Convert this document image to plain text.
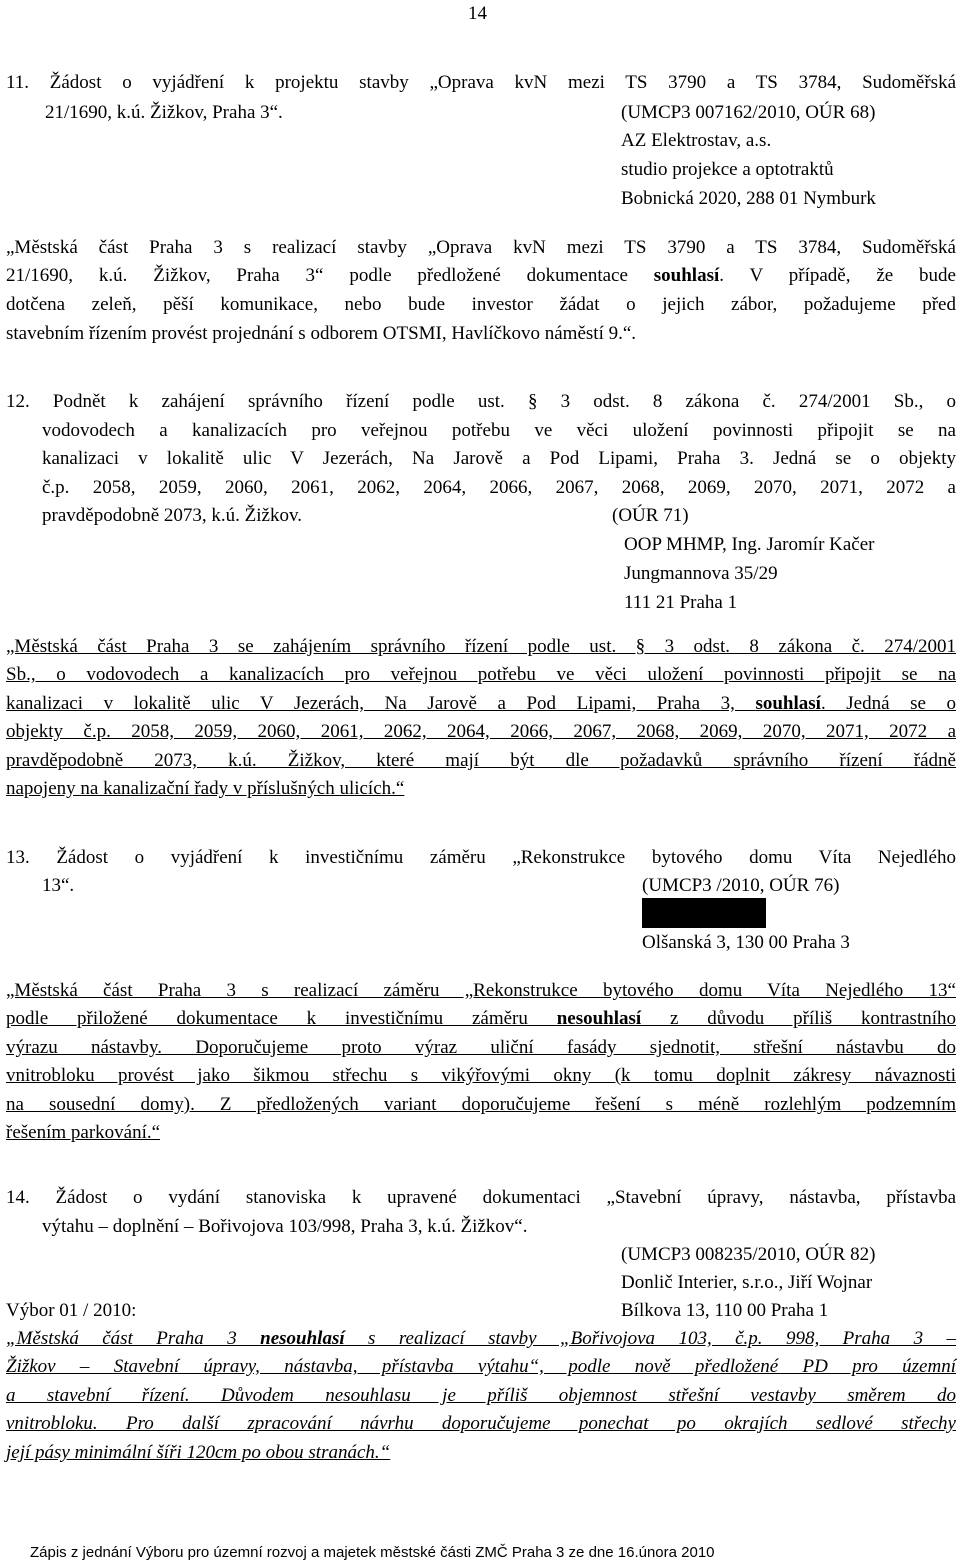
14
11. Žádost o vyjádření k projektu stavby „Oprava kvN mezi TS 3790 a TS 3784, Sudoměřská
21/1690, k.ú. Žižkov, Praha 3“.	(UMCP3 007162/2010, OÚR 68)
AZ Elektrostav, a.s.
studio projekce a optotraktů
Bobnická 2020, 288 01 Nymburk
„Městská část Praha 3 s realizací stavby „Oprava kvN mezi TS 3790 a TS 3784, Sudoměřská
21/1690, k.ú. Žižkov, Praha 3“ podle předložené dokumentace souhlasí. V případě, že bude
dotčena zeleň, pěší komunikace, nebo bude investor žádat o jejich zábor, požadujeme před
stavebním řízením provést projednání s odborem OTSMI, Havlíčkovo náměstí 9.“.
12. Podnět k zahájení správního řízení podle ust. § 3 odst. 8 zákona č. 274/2001 Sb., o
vodovodech a kanalizacích pro veřejnou potřebu ve věci uložení povinnosti připojit se na
kanalizaci v lokalitě ulic V Jezerách, Na Jarově a Pod Lipami, Praha 3. Jedná se o objekty
č.p. 2058, 2059, 2060, 2061, 2062, 2064, 2066, 2067, 2068, 2069, 2070, 2071, 2072 a
pravděpodobně 2073, k.ú. Žižkov.	(OÚR 71)
OOP MHMP, Ing. Jaromír Kačer
Jungmannova 35/29
111 21 Praha 1
„Městská část Praha 3 se zahájením správního řízení podle ust. § 3 odst. 8 zákona č. 274/2001
Sb., o vodovodech a kanalizacích pro veřejnou potřebu ve věci uložení povinnosti připojit se na
kanalizaci v lokalitě ulic V Jezerách, Na Jarově a Pod Lipami, Praha 3, souhlasí. Jedná se o
objekty č.p. 2058, 2059, 2060, 2061, 2062, 2064, 2066, 2067, 2068, 2069, 2070, 2071, 2072 a
pravděpodobně 2073, k.ú. Žižkov, které mají být dle požadavků správního řízení řádně
napojeny na kanalizační řady v příslušných ulicích.“
13. Žádost o vyjádření k investičnímu záměru „Rekonstrukce bytového domu Víta Nejedlého
13“.	(UMCP3 /2010, OÚR 76)
Olšanská 3, 130 00 Praha 3
„Městská část Praha 3 s realizací záměru „Rekonstrukce bytového domu Víta Nejedlého 13“
podle přiložené dokumentace k investičnímu záměru nesouhlasí z důvodu příliš kontrastního
výrazu nástavby. Doporučujeme proto výraz uliční fasády sjednotit, střešní nástavbu do
vnitrobloku provést jako šikmou střechu s vikýřovými okny (k tomu doplnit zákresy návaznosti
na sousední domy). Z předložených variant doporučujeme řešení s méně rozlehlým podzemním
řešením parkování.“
14. Žádost o vydání stanoviska k upravené dokumentaci „Stavební úpravy, nástavba, přístavba
výtahu – doplnění – Bořivojova 103/998, Praha 3, k.ú. Žižkov“.
(UMCP3 008235/2010, OÚR 82)
Donlič Interier, s.r.o., Jiří Wojnar
Výbor 01 / 2010:	Bílkova 13, 110 00 Praha 1
„Městská část Praha 3 nesouhlasí s realizací stavby „Bořivojova 103, č.p. 998, Praha 3 –
Žižkov – Stavební úpravy, nástavba, přístavba výtahu“, podle nově předložené PD pro územní
a stavební řízení. Důvodem nesouhlasu je příliš objemnost střešní vestavby směrem do
vnitrobloku. Pro další zpracování návrhu doporučujeme ponechat po okrajích sedlové střechy
její pásy minimální šíři 120cm po obou stranách.“
Zápis z jednání Výboru pro územní rozvoj a majetek městské části ZMČ Praha 3 ze dne 16.února 2010
